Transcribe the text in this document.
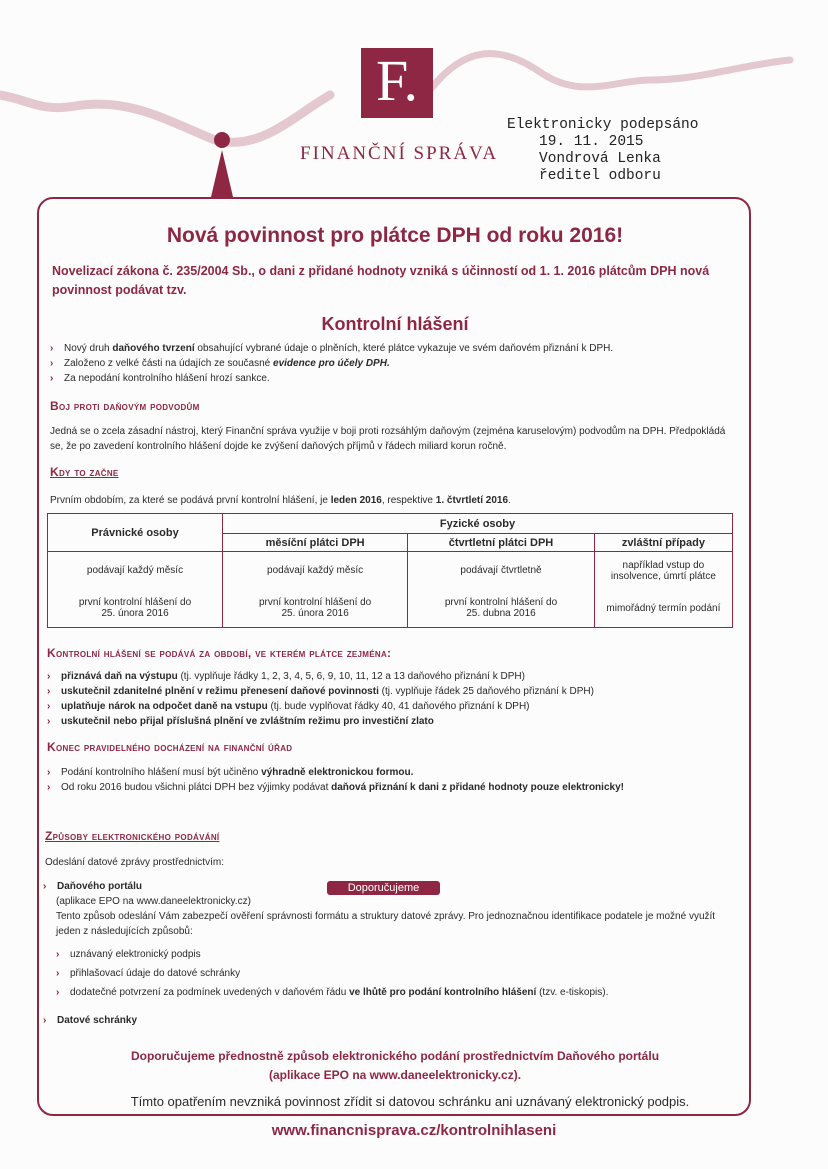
F.
FINANČNÍ SPRÁVA
Elektronicky podepsáno
19. 11. 2015
Vondrová Lenka
ředitel odboru
Nová povinnost pro plátce DPH od roku 2016!
Novelizací zákona č. 235/2004 Sb., o dani z přidané hodnoty vzniká s účinností od 1. 1. 2016 plátcům DPH nová povinnost podávat tzv.
Kontrolní hlášení
› Nový druh daňového tvrzení obsahující vybrané údaje o plněních, které plátce vykazuje ve svém daňovém přiznání k DPH.
› Založeno z velké části na údajích ze současné evidence pro účely DPH.
› Za nepodání kontrolního hlášení hrozí sankce.
Boj proti daňovým podvodům
Jedná se o zcela zásadní nástroj, který Finanční správa využije v boji proti rozsáhlým daňovým (zejména karuselovým) podvodům na DPH. Předpokládá se, že po zavedení kontrolního hlášení dojde ke zvýšení daňových příjmů v řádech miliard korun ročně.
Kdy to začne
Prvním obdobím, za které se podává první kontrolní hlášení, je leden 2016, respektive 1. čtvrtletí 2016.
Právnické osoby	Fyzické osoby		
	měsíční plátci DPH	čtvrtletní plátci DPH	zvláštní případy
podávají každý měsíc	podávají každý měsíc	podávají čtvrtletně	například vstup do insolvence, úmrtí plátce
první kontrolní hlášení do 25. února 2016	první kontrolní hlášení do 25. února 2016	první kontrolní hlášení do 25. dubna 2016	mimořádný termín podání
Kontrolní hlášení se podává za období, ve kterém plátce zejména:
› přiznává daň na výstupu (tj. vyplňuje řádky 1, 2, 3, 4, 5, 6, 9, 10, 11, 12 a 13 daňového přiznání k DPH)
› uskutečnil zdanitelné plnění v režimu přenesení daňové povinnosti (tj. vyplňuje řádek 25 daňového přiznání k DPH)
› uplatňuje nárok na odpočet daně na vstupu (tj. bude vyplňovat řádky 40, 41 daňového přiznání k DPH)
› uskutečnil nebo přijal příslušná plnění ve zvláštním režimu pro investiční zlato
Konec pravidelného docházení na finanční úřad
› Podání kontrolního hlášení musí být učiněno výhradně elektronickou formou.
› Od roku 2016 budou všichni plátci DPH bez výjimky podávat daňová přiznání k dani z přidané hodnoty pouze elektronicky!
Způsoby elektronického podávání
Odeslání datové zprávy prostřednictvím:
› Daňového portálu	Doporučujeme
(aplikace EPO na www.daneelektronicky.cz)
Tento způsob odeslání Vám zabezpečí ověření správnosti formátu a struktury datové zprávy. Pro jednoznačnou identifikace podatele je možné využít jeden z následujících způsobů:
› uznávaný elektronický podpis
› přihlašovací údaje do datové schránky
› dodatečné potvrzení za podmínek uvedených v daňovém řádu ve lhůtě pro podání kontrolního hlášení (tzv. e-tiskopis).
› Datové schránky
Doporučujeme přednostně způsob elektronického podání prostřednictvím Daňového portálu
(aplikace EPO na www.daneelektronicky.cz).
Tímto opatřením nevzniká povinnost zřídit si datovou schránku ani uznávaný elektronický podpis.
www.financnisprava.cz/kontrolnihlaseni
